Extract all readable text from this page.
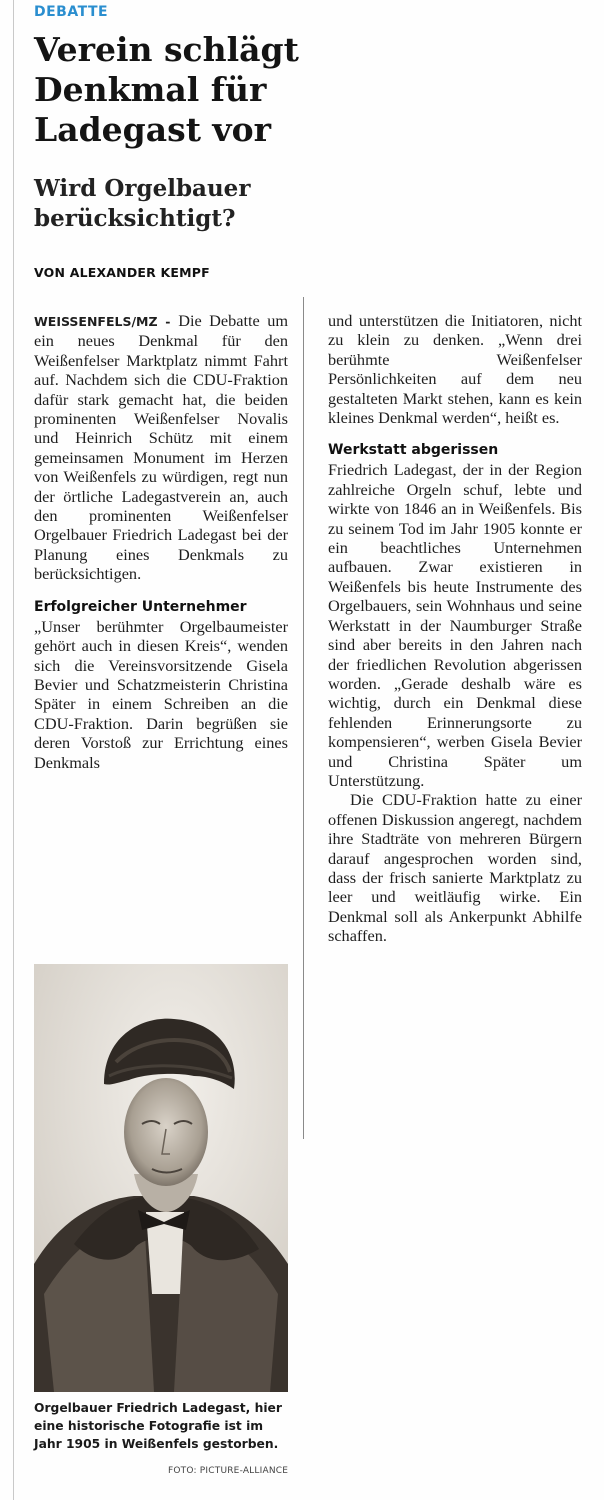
DEBATTE
Verein schlägt Denkmal für Ladegast vor
Wird Orgelbauer berücksichtigt?
VON ALEXANDER KEMPF

WEISSENFELS/MZ - Die Debatte um ein neues Denkmal für den Weißenfelser Marktplatz nimmt Fahrt auf. Nachdem sich die CDU-Fraktion dafür stark gemacht hat, die beiden prominenten Weißenfelser Novalis und Heinrich Schütz mit einem gemeinsamen Monument im Herzen von Weißenfels zu würdigen, regt nun der örtliche Ladegastverein an, auch den prominenten Weißenfelser Orgelbauer Friedrich Ladegast bei der Planung eines Denkmals zu berücksichtigen.

Erfolgreicher Unternehmer

„Unser berühmter Orgelbaumeister gehört auch in diesen Kreis“, wenden sich die Vereinsvorsitzende Gisela Bevier und Schatzmeisterin Christina Später in einem Schreiben an die CDU-Fraktion. Darin begrüßen sie deren Vorstoß zur Errichtung eines Denkmals

und unterstützen die Initiatoren, nicht zu klein zu denken. „Wenn drei berühmte Weißenfelser Persönlichkeiten auf dem neu gestalteten Markt stehen, kann es kein kleines Denkmal werden“, heißt es.

Werkstatt abgerissen

Friedrich Ladegast, der in der Region zahlreiche Orgeln schuf, lebte und wirkte von 1846 an in Weißenfels. Bis zu seinem Tod im Jahr 1905 konnte er ein beachtliches Unternehmen aufbauen. Zwar existieren in Weißenfels bis heute Instrumente des Orgelbauers, sein Wohnhaus und seine Werkstatt in der Naumburger Straße sind aber bereits in den Jahren nach der friedlichen Revolution abgerissen worden. „Gerade deshalb wäre es wichtig, durch ein Denkmal diese fehlenden Erinnerungsorte zu kompensieren“, werben Gisela Bevier und Christina Später um Unterstützung.

Die CDU-Fraktion hatte zu einer offenen Diskussion angeregt, nachdem ihre Stadträte von mehreren Bürgern darauf angesprochen worden sind, dass der frisch sanierte Marktplatz zu leer und weitläufig wirke. Ein Denkmal soll als Ankerpunkt Abhilfe schaffen.

Orgelbauer Friedrich Ladegast, hier eine historische Fotografie ist im Jahr 1905 in Weißenfels gestorben.

FOTO: PICTURE-ALLIANCE
